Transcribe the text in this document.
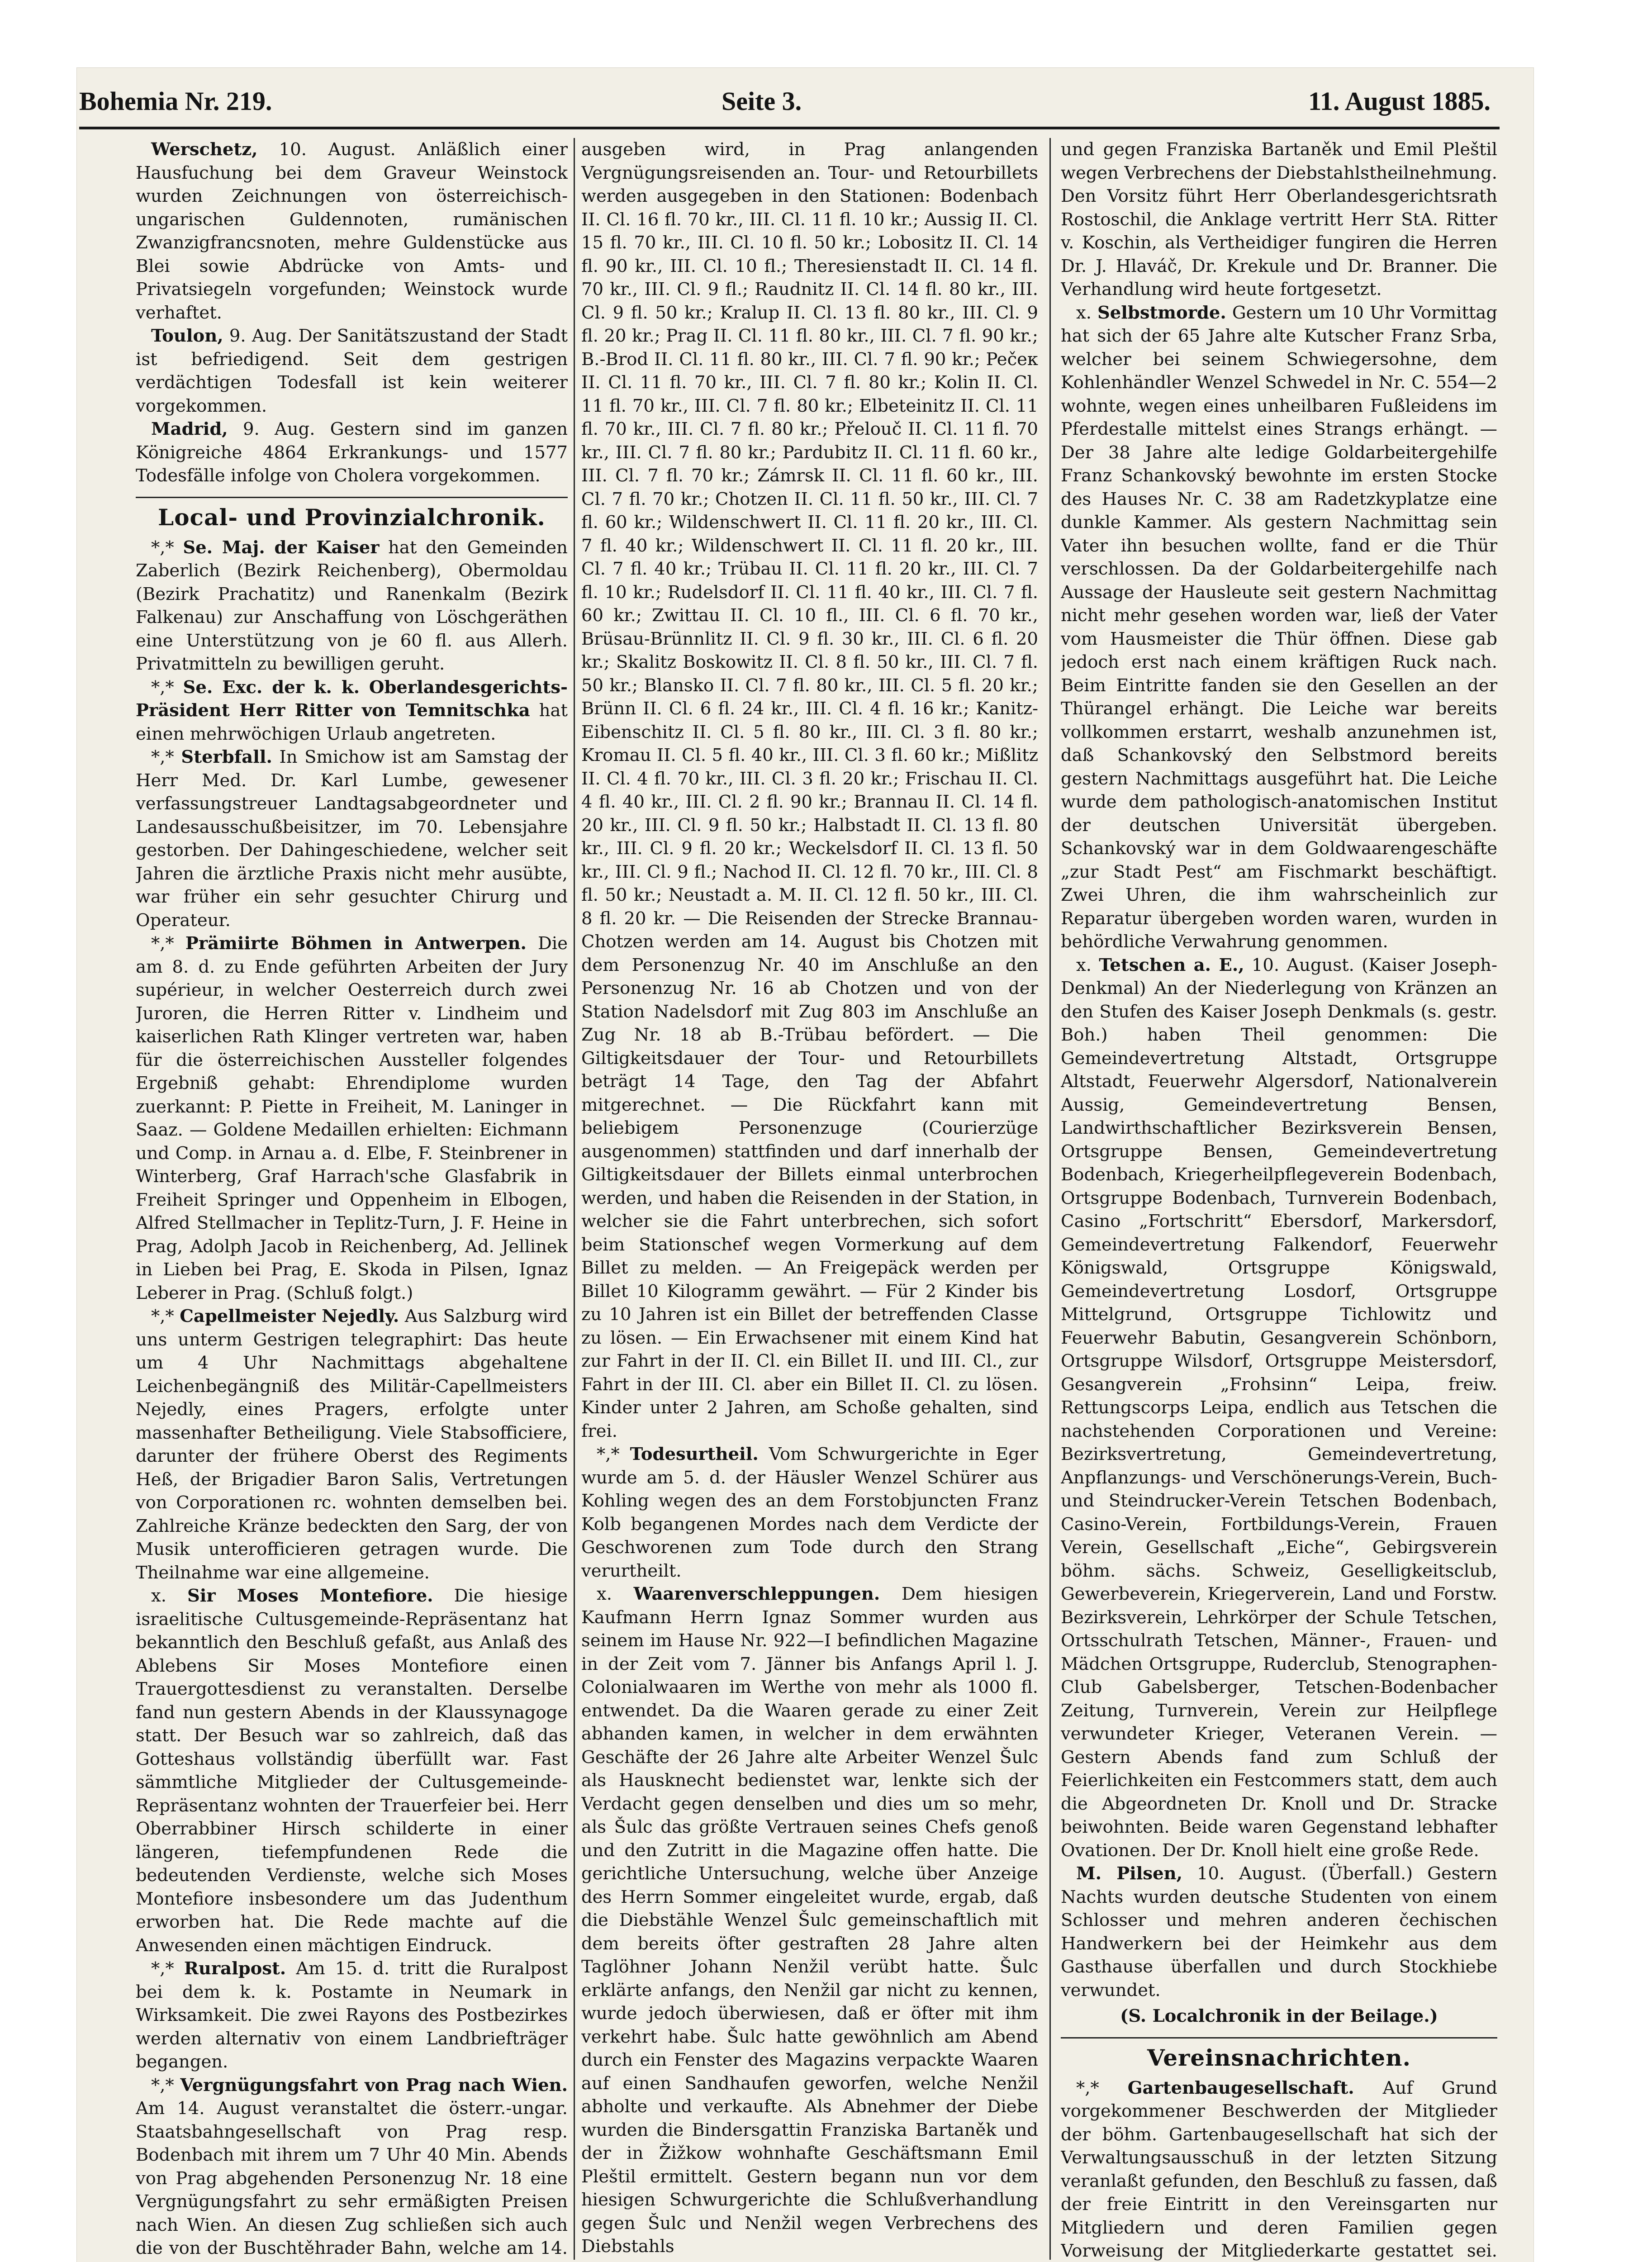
Bohemia Nr. 219.	Seite 3.	11. August 1885.

Werschetz, 10. August. Anläßlich einer Hausfuchung bei dem Graveur Weinstock wurden Zeichnungen von österreichisch-ungarischen Guldennoten, rumänischen Zwanzigfrancsnoten, mehre Guldenstücke aus Blei sowie Abdrücke von Amts- und Privatsiegeln vorgefunden; Weinstock wurde verhaftet.

Toulon, 9. Aug. Der Sanitätszustand der Stadt ist befriedigend. Seit dem gestrigen verdächtigen Todesfall ist kein weiterer vorgekommen.

Madrid, 9. Aug. Gestern sind im ganzen Königreiche 4864 Erkrankungs- und 1577 Todesfälle infolge von Cholera vorgekommen.

Local- und Provinzialchronik.

*,* Se. Maj. der Kaiser hat den Gemeinden Zaberlich (Bezirk Reichenberg), Obermoldau (Bezirk Prachatitz) und Ranenkalm (Bezirk Falkenau) zur Anschaffung von Löschgeräthen eine Unterstützung von je 60 fl. aus Allerh. Privatmitteln zu bewilligen geruht.

*,* Se. Exc. der k. k. Oberlandesgerichts-Präsident Herr Ritter von Temnitschka hat einen mehrwöchigen Urlaub angetreten.

*,* Sterbfall. In Smichow ist am Samstag der Herr Med. Dr. Karl Lumbe, gewesener verfassungstreuer Landtagsabgeordneter und Landesausschußbeisitzer, im 70. Lebensjahre gestorben. Der Dahingeschiedene, welcher seit Jahren die ärztliche Praxis nicht mehr ausübte, war früher ein sehr gesuchter Chirurg und Operateur.

*,* Prämiirte Böhmen in Antwerpen. Die am 8. d. zu Ende geführten Arbeiten der Jury supérieur, in welcher Oesterreich durch zwei Juroren, die Herren Ritter v. Lindheim und kaiserlichen Rath Klinger vertreten war, haben für die österreichischen Aussteller folgendes Ergebniß gehabt: Ehrendiplome wurden zuerkannt: P. Piette in Freiheit, M. Laninger in Saaz. — Goldene Medaillen erhielten: Eichmann und Comp. in Arnau a. d. Elbe, F. Steinbrener in Winterberg, Graf Harrach'sche Glasfabrik in Freiheit Springer und Oppenheim in Elbogen, Alfred Stellmacher in Teplitz-Turn, J. F. Heine in Prag, Adolph Jacob in Reichenberg, Ad. Jellinek in Lieben bei Prag, E. Skoda in Pilsen, Ignaz Leberer in Prag. (Schluß folgt.)

*,* Capellmeister Nejedly. Aus Salzburg wird uns unterm Gestrigen telegraphirt: Das heute um 4 Uhr Nachmittags abgehaltene Leichenbegängniß des Militär-Capellmeisters Nejedly, eines Pragers, erfolgte unter massenhafter Betheiligung. Viele Stabsofficiere, darunter der frühere Oberst des Regiments Heß, der Brigadier Baron Salis, Vertretungen von Corporationen rc. wohnten demselben bei. Zahlreiche Kränze bedeckten den Sarg, der von Musik unterofficieren getragen wurde. Die Theilnahme war eine allgemeine.

x. Sir Moses Montefiore. Die hiesige israelitische Cultusgemeinde-Repräsentanz hat bekanntlich den Beschluß gefaßt, aus Anlaß des Ablebens Sir Moses Montefiore einen Trauergottesdienst zu veranstalten. Derselbe fand nun gestern Abends in der Klaussynagoge statt. Der Besuch war so zahlreich, daß das Gotteshaus vollständig überfüllt war. Fast sämmtliche Mitglieder der Cultusgemeinde-Repräsentanz wohnten der Trauerfeier bei. Herr Oberrabbiner Hirsch schilderte in einer längeren, tiefempfundenen Rede die bedeutenden Verdienste, welche sich Moses Montefiore insbesondere um das Judenthum erworben hat. Die Rede machte auf die Anwesenden einen mächtigen Eindruck.

*,* Ruralpost. Am 15. d. tritt die Ruralpost bei dem k. k. Postamte in Neumark in Wirksamkeit. Die zwei Rayons des Postbezirkes werden alternativ von einem Landbriefträger begangen.

*,* Vergnügungsfahrt von Prag nach Wien. Am 14. August veranstaltet die österr.-ungar. Staatsbahngesellschaft von Prag resp. Bodenbach mit ihrem um 7 Uhr 40 Min. Abends von Prag abgehenden Personenzug Nr. 18 eine Vergnügungsfahrt zu sehr ermäßigten Preisen nach Wien. An diesen Zug schließen sich auch die von der Buschtěhrader Bahn, welche am 14.

ausgeben wird, in Prag anlangenden Vergnügungsreisenden an. Tour- und Retourbillets werden ausgegeben in den Stationen: Bodenbach II. Cl. 16 fl. 70 kr., III. Cl. 11 fl. 10 kr.; Aussig II. Cl. 15 fl. 70 kr., III. Cl. 10 fl. 50 kr.; Lobositz II. Cl. 14 fl. 90 kr., III. Cl. 10 fl.; Theresienstadt II. Cl. 14 fl. 70 kr., III. Cl. 9 fl.; Raudnitz II. Cl. 14 fl. 80 kr., III. Cl. 9 fl. 50 kr.; Kralup II. Cl. 13 fl. 80 kr., III. Cl. 9 fl. 20 kr.; Prag II. Cl. 11 fl. 80 kr., III. Cl. 7 fl. 90 kr.; B.-Brod II. Cl. 11 fl. 80 kr., III. Cl. 7 fl. 90 kr.; Pečeк II. Cl. 11 fl. 70 kr., III. Cl. 7 fl. 80 kr.; Kolin II. Cl. 11 fl. 70 kr., III. Cl. 7 fl. 80 kr.; Elbeteinitz II. Cl. 11 fl. 70 kr., III. Cl. 7 fl. 80 kr.; Přelouč II. Cl. 11 fl. 70 kr., III. Cl. 7 fl. 80 kr.; Pardubitz II. Cl. 11 fl. 60 kr., III. Cl. 7 fl. 70 kr.; Zámrsk II. Cl. 11 fl. 60 kr., III. Cl. 7 fl. 70 kr.; Chotzen II. Cl. 11 fl. 50 kr., III. Cl. 7 fl. 60 kr.; Wildenschwert II. Cl. 11 fl. 20 kr., III. Cl. 7 fl. 40 kr.; Wildenschwert II. Cl. 11 fl. 20 kr., III. Cl. 7 fl. 40 kr.; Trübau II. Cl. 11 fl. 20 kr., III. Cl. 7 fl. 10 kr.; Rudelsdorf II. Cl. 11 fl. 40 kr., III. Cl. 7 fl. 60 kr.; Zwittau II. Cl. 10 fl., III. Cl. 6 fl. 70 kr., Brüsau-Brünnlitz II. Cl. 9 fl. 30 kr., III. Cl. 6 fl. 20 kr.; Skalitz Boskowitz II. Cl. 8 fl. 50 kr., III. Cl. 7 fl. 50 kr.; Blansko II. Cl. 7 fl. 80 kr., III. Cl. 5 fl. 20 kr.; Brünn II. Cl. 6 fl. 24 kr., III. Cl. 4 fl. 16 kr.; Kanitz-Eibenschitz II. Cl. 5 fl. 80 kr., III. Cl. 3 fl. 80 kr.; Kromau II. Cl. 5 fl. 40 kr., III. Cl. 3 fl. 60 kr.; Mißlitz II. Cl. 4 fl. 70 kr., III. Cl. 3 fl. 20 kr.; Frischau II. Cl. 4 fl. 40 kr., III. Cl. 2 fl. 90 kr.; Brannau II. Cl. 14 fl. 20 kr., III. Cl. 9 fl. 50 kr.; Halbstadt II. Cl. 13 fl. 80 kr., III. Cl. 9 fl. 20 kr.; Weckelsdorf II. Cl. 13 fl. 50 kr., III. Cl. 9 fl.; Nachod II. Cl. 12 fl. 70 kr., III. Cl. 8 fl. 50 kr.; Neustadt a. M. II. Cl. 12 fl. 50 kr., III. Cl. 8 fl. 20 kr. — Die Reisenden der Strecke Brannau-Chotzen werden am 14. August bis Chotzen mit dem Personenzug Nr. 40 im Anschluße an den Personenzug Nr. 16 ab Chotzen und von der Station Nadelsdorf mit Zug 803 im Anschluße an Zug Nr. 18 ab B.-Trübau befördert. — Die Giltigkeitsdauer der Tour- und Retourbillets beträgt 14 Tage, den Tag der Abfahrt mitgerechnet. — Die Rückfahrt kann mit beliebigem Personenzuge (Courierzüge ausgenommen) stattfinden und darf innerhalb der Giltigkeitsdauer der Billets einmal unterbrochen werden, und haben die Reisenden in der Station, in welcher sie die Fahrt unterbrechen, sich sofort beim Stationschef wegen Vormerkung auf dem Billet zu melden. — An Freigepäck werden per Billet 10 Kilogramm gewährt. — Für 2 Kinder bis zu 10 Jahren ist ein Billet der betreffenden Classe zu lösen. — Ein Erwachsener mit einem Kind hat zur Fahrt in der II. Cl. ein Billet II. und III. Cl., zur Fahrt in der III. Cl. aber ein Billet II. Cl. zu lösen. Kinder unter 2 Jahren, am Schoße gehalten, sind frei.

*,* Todesurtheil. Vom Schwurgerichte in Eger wurde am 5. d. der Häusler Wenzel Schürer aus Kohling wegen des an dem Forstobjuncten Franz Kolb begangenen Mordes nach dem Verdicte der Geschworenen zum Tode durch den Strang verurtheilt.

x. Waarenverschleppungen. Dem hiesigen Kaufmann Herrn Ignaz Sommer wurden aus seinem im Hause Nr. 922—I befindlichen Magazine in der Zeit vom 7. Jänner bis Anfangs April l. J. Colonialwaaren im Werthe von mehr als 1000 fl. entwendet. Da die Waaren gerade zu einer Zeit abhanden kamen, in welcher in dem erwähnten Geschäfte der 26 Jahre alte Arbeiter Wenzel Šulc als Hausknecht bedienstet war, lenkte sich der Verdacht gegen denselben und dies um so mehr, als Šulc das größte Vertrauen seines Chefs genoß und den Zutritt in die Magazine offen hatte. Die gerichtliche Untersuchung, welche über Anzeige des Herrn Sommer eingeleitet wurde, ergab, daß die Diebstähle Wenzel Šulc gemeinschaftlich mit dem bereits öfter gestraften 28 Jahre alten Taglöhner Johann Nenžil verübt hatte. Šulc erklärte anfangs, den Nenžil gar nicht zu kennen, wurde jedoch überwiesen, daß er öfter mit ihm verkehrt habe. Šulc hatte gewöhnlich am Abend durch ein Fenster des Magazins verpackte Waaren auf einen Sandhaufen geworfen, welche Nenžil abholte und verkaufte. Als Abnehmer der Diebe wurden die Bindersgattin Franziska Bartaněk und der in Žižkow wohnhafte Geschäftsmann Emil Pleštil ermittelt. Gestern begann nun vor dem hiesigen Schwurgerichte die Schlußverhandlung gegen Šulc und Nenžil wegen Verbrechens des Diebstahls

und gegen Franziska Bartaněk und Emil Pleštil wegen Verbrechens der Diebstahlstheilnehmung. Den Vorsitz führt Herr Oberlandesgerichtsrath Rostoschil, die Anklage vertritt Herr StA. Ritter v. Koschin, als Vertheidiger fungiren die Herren Dr. J. Hlaváč, Dr. Krekule und Dr. Branner. Die Verhandlung wird heute fortgesetzt.

x. Selbstmorde. Gestern um 10 Uhr Vormittag hat sich der 65 Jahre alte Kutscher Franz Srba, welcher bei seinem Schwiegersohne, dem Kohlenhändler Wenzel Schwedel in Nr. C. 554—2 wohnte, wegen eines unheilbaren Fußleidens im Pferdestalle mittelst eines Strangs erhängt. — Der 38 Jahre alte ledige Goldarbeitergehilfe Franz Schankovský bewohnte im ersten Stocke des Hauses Nr. C. 38 am Radetzkyplatze eine dunkle Kammer. Als gestern Nachmittag sein Vater ihn besuchen wollte, fand er die Thür verschlossen. Da der Goldarbeitergehilfe nach Aussage der Hausleute seit gestern Nachmittag nicht mehr gesehen worden war, ließ der Vater vom Hausmeister die Thür öffnen. Diese gab jedoch erst nach einem kräftigen Ruck nach. Beim Eintritte fanden sie den Gesellen an der Thürangel erhängt. Die Leiche war bereits vollkommen erstarrt, weshalb anzunehmen ist, daß Schankovský den Selbstmord bereits gestern Nachmittags ausgeführt hat. Die Leiche wurde dem pathologisch-anatomischen Institut der deutschen Universität übergeben. Schankovský war in dem Goldwaarengeschäfte „zur Stadt Pest“ am Fischmarkt beschäftigt. Zwei Uhren, die ihm wahrscheinlich zur Reparatur übergeben worden waren, wurden in behördliche Verwahrung genommen.

x. Tetschen a. E., 10. August. (Kaiser Joseph-Denkmal) An der Niederlegung von Kränzen an den Stufen des Kaiser Joseph Denkmals (s. gestr. Boh.) haben Theil genommen: Die Gemeindevertretung Altstadt, Ortsgruppe Altstadt, Feuerwehr Algersdorf, Nationalverein Aussig, Gemeindevertretung Bensen, Landwirthschaftlicher Bezirksverein Bensen, Ortsgruppe Bensen, Gemeindevertretung Bodenbach, Kriegerheilpflegeverein Bodenbach, Ortsgruppe Bodenbach, Turnverein Bodenbach, Casino „Fortschritt“ Ebersdorf, Markersdorf, Gemeindevertretung Falkendorf, Feuerwehr Königswald, Ortsgruppe Königswald, Gemeindevertretung Losdorf, Ortsgruppe Mittelgrund, Ortsgruppe Tichlowitz und Feuerwehr Babutin, Gesangverein Schönborn, Ortsgruppe Wilsdorf, Ortsgruppe Meistersdorf, Gesangverein „Frohsinn“ Leipa, freiw. Rettungscorps Leipa, endlich aus Tetschen die nachstehenden Corporationen und Vereine: Bezirksvertretung, Gemeindevertretung, Anpflanzungs- und Verschönerungs-Verein, Buch- und Steindrucker-Verein Tetschen Bodenbach, Casino-Verein, Fortbildungs-Verein, Frauen Verein, Gesellschaft „Eiche“, Gebirgsverein böhm. sächs. Schweiz, Geselligkeitsclub, Gewerbeverein, Kriegerverein, Land und Forstw. Bezirksverein, Lehrkörper der Schule Tetschen, Ortsschulrath Tetschen, Männer-, Frauen- und Mädchen Ortsgruppe, Ruderclub, Stenographen-Club Gabelsberger, Tetschen-Bodenbacher Zeitung, Turnverein, Verein zur Heilpflege verwundeter Krieger, Veteranen Verein. — Gestern Abends fand zum Schluß der Feierlichkeiten ein Festcommers statt, dem auch die Abgeordneten Dr. Knoll und Dr. Stracke beiwohnten. Beide waren Gegenstand lebhafter Ovationen. Der Dr. Knoll hielt eine große Rede.

M. Pilsen, 10. August. (Überfall.) Gestern Nachts wurden deutsche Studenten von einem Schlosser und mehren anderen čechischen Handwerkern bei der Heimkehr aus dem Gasthause überfallen und durch Stockhiebe verwundet.

(S. Localchronik in der Beilage.)
Vereinsnachrichten.

*,* Gartenbaugesellschaft. Auf Grund vorgekommener Beschwerden der Mitglieder der böhm. Gartenbaugesellschaft hat sich der Verwaltungsausschuß in der letzten Sitzung veranlaßt gefunden, den Beschluß zu fassen, daß der freie Eintritt in den Vereinsgarten nur Mitgliedern und deren Familien gegen Vorweisung der Mitgliederkarte gestattet sei.
